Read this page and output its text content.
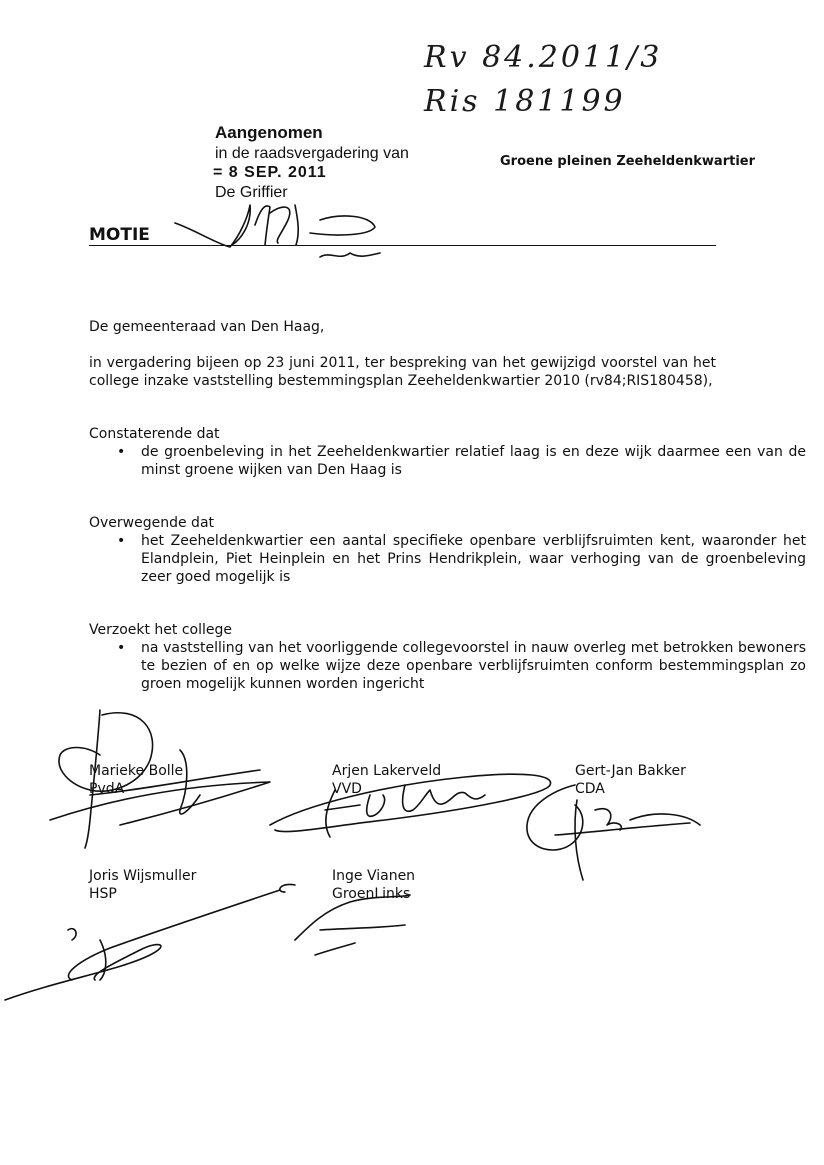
Rv 84.2011/3
Ris 181199
Aangenomen
in de raadsvergadering van
= 8 SEP. 2011
De Griffier
Groene pleinen Zeeheldenkwartier
MOTIE
De gemeenteraad van Den Haag,
in vergadering bijeen op 23 juni 2011, ter bespreking van het gewijzigd voorstel van het college inzake vaststelling bestemmingsplan Zeeheldenkwartier 2010 (rv84;RIS180458),
Constaterende dat
• de groenbeleving in het Zeeheldenkwartier relatief laag is en deze wijk daarmee een van de minst groene wijken van Den Haag is
Overwegende dat
• het Zeeheldenkwartier een aantal specifieke openbare verblijfsruimten kent, waaronder het Elandplein, Piet Heinplein en het Prins Hendrikplein, waar verhoging van de groenbeleving zeer goed mogelijk is
Verzoekt het college
• na vaststelling van het voorliggende collegevoorstel in nauw overleg met betrokken bewoners te bezien of en op welke wijze deze openbare verblijfsruimten conform bestemmingsplan zo groen mogelijk kunnen worden ingericht
Marieke Bolle
PvdA
Arjen Lakerveld
VVD
Gert-Jan Bakker
CDA
Joris Wijsmuller
HSP
Inge Vianen
GroenLinks
